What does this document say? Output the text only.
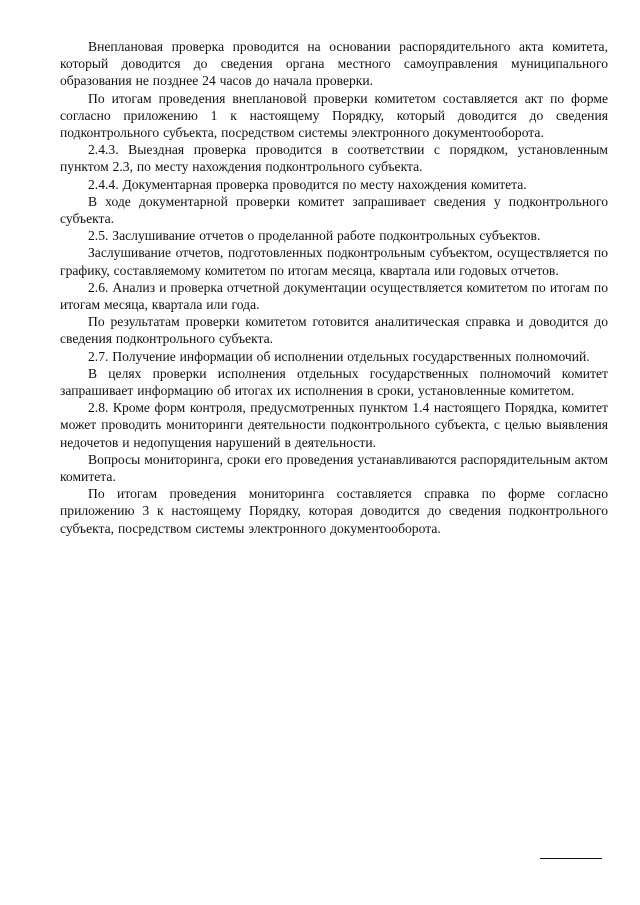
Внеплановая проверка проводится на основании распорядительного акта комитета, который доводится до сведения органа местного самоуправления муниципального образования не позднее 24 часов до начала проверки.

По итогам проведения внеплановой проверки комитетом составляется акт по форме согласно приложению 1 к настоящему Порядку, который доводится до сведения подконтрольного субъекта, посредством системы электронного документооборота.

2.4.3. Выездная проверка проводится в соответствии с порядком, установленным пунктом 2.3, по месту нахождения подконтрольного субъекта.

2.4.4. Документарная проверка проводится по месту нахождения комитета.

В ходе документарной проверки комитет запрашивает сведения у подконтрольного субъекта.

2.5. Заслушивание отчетов о проделанной работе подконтрольных субъектов.

Заслушивание отчетов, подготовленных подконтрольным субъектом, осуществляется по графику, составляемому комитетом по итогам месяца, квартала или годовых отчетов.

2.6. Анализ и проверка отчетной документации осуществляется комитетом по итогам по итогам месяца, квартала или года.

По результатам проверки комитетом готовится аналитическая справка и доводится до сведения подконтрольного субъекта.

2.7. Получение информации об исполнении отдельных государственных полномочий.

В целях проверки исполнения отдельных государственных полномочий комитет запрашивает информацию об итогах их исполнения в сроки, установленные комитетом.

2.8. Кроме форм контроля, предусмотренных пунктом 1.4 настоящего Порядка, комитет может проводить мониторинги деятельности подконтрольного субъекта, с целью выявления недочетов и недопущения нарушений в деятельности.

Вопросы мониторинга, сроки его проведения устанавливаются распорядительным актом комитета.

По итогам проведения мониторинга составляется справка по форме согласно приложению 3 к настоящему Порядку, которая доводится до сведения подконтрольного субъекта, посредством системы электронного документооборота.
